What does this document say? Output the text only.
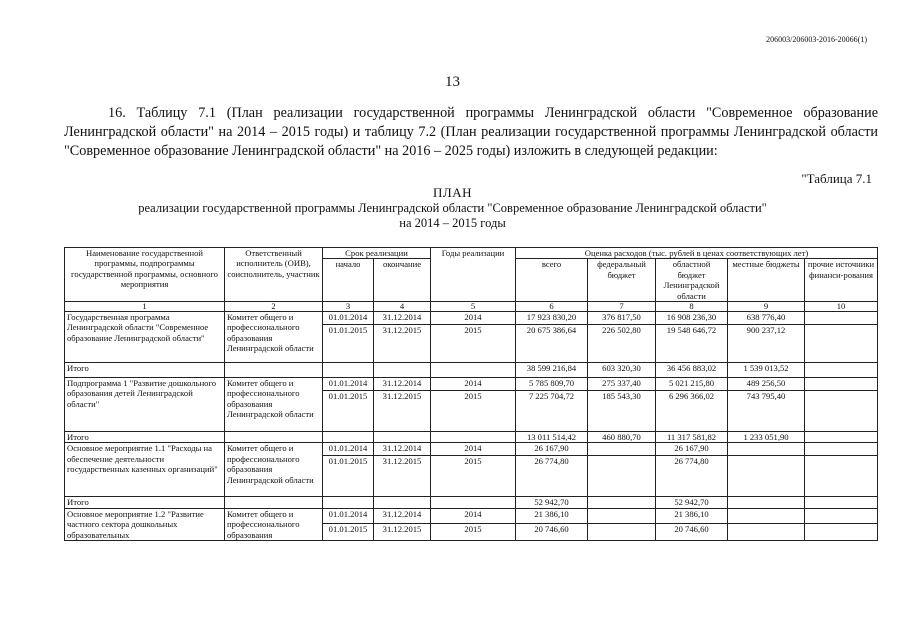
206003/206003-2016-20066(1)
13
16. Таблицу 7.1 (План реализации государственной программы Ленинградской области "Современное образование Ленинградской области" на 2014 – 2015 годы) и таблицу 7.2 (План реализации государственной программы Ленинградской области "Современное образование Ленинградской области" на 2016 – 2025 годы) изложить в следующей редакции:
"Таблица 7.1
ПЛАН
реализации государственной программы Ленинградской области "Современное образование Ленинградской области"
на 2014 – 2015 годы
Наименование государственной программы, подпрограммы государственной программы, основного мероприятия	Ответственный исполнитель (ОИВ), соисполнитель, участник	Срок реализации		Годы реализации	Оценка расходов (тыс. рублей в ценах соответствующих лет)				
		начало	окончание		всего	федеральный бюджет	областной бюджет Ленинградской области	местные бюджеты	прочие источники финанси-рования
1	2	3	4	5	6	7	8	9	10
Государственная программа Ленинградской области "Современное образование Ленинградской области"	Комитет общего и профессионального образования Ленинградской области	01.01.2014	31.12.2014	2014	17 923 830,20	376 817,50	16 908 236,30	638 776,40	
		01.01.2015	31.12.2015	2015	20 675 386,64	226 502,80	19 548 646,72	900 237,12	
Итого					38 599 216,84	603 320,30	36 456 883,02	1 539 013,52	
Подпрограмма 1 "Развитие дошкольного образования детей Ленинградской области"	Комитет общего и профессионального образования Ленинградской области	01.01.2014	31.12.2014	2014	5 785 809,70	275 337,40	5 021 215,80	489 256,50	
		01.01.2015	31.12.2015	2015	7 225 704,72	185 543,30	6 296 366,02	743 795,40	
Итого					13 011 514,42	460 880,70	11 317 581,82	1 233 051,90	
Основное мероприятие 1.1 "Расходы на обеспечение деятельности государственных казенных организаций"	Комитет общего и профессионального образования Ленинградской области	01.01.2014	31.12.2014	2014	26 167,90		26 167,90		
		01.01.2015	31.12.2015	2015	26 774,80		26 774,80		
Итого					52 942,70		52 942,70		
Основное мероприятие 1.2 "Развитие частного сектора дошкольных образовательных	Комитет общего и профессионального образования	01.01.2014	31.12.2014	2014	21 386,10		21 386,10		
		01.01.2015	31.12.2015	2015	20 746,60		20 746,60		
